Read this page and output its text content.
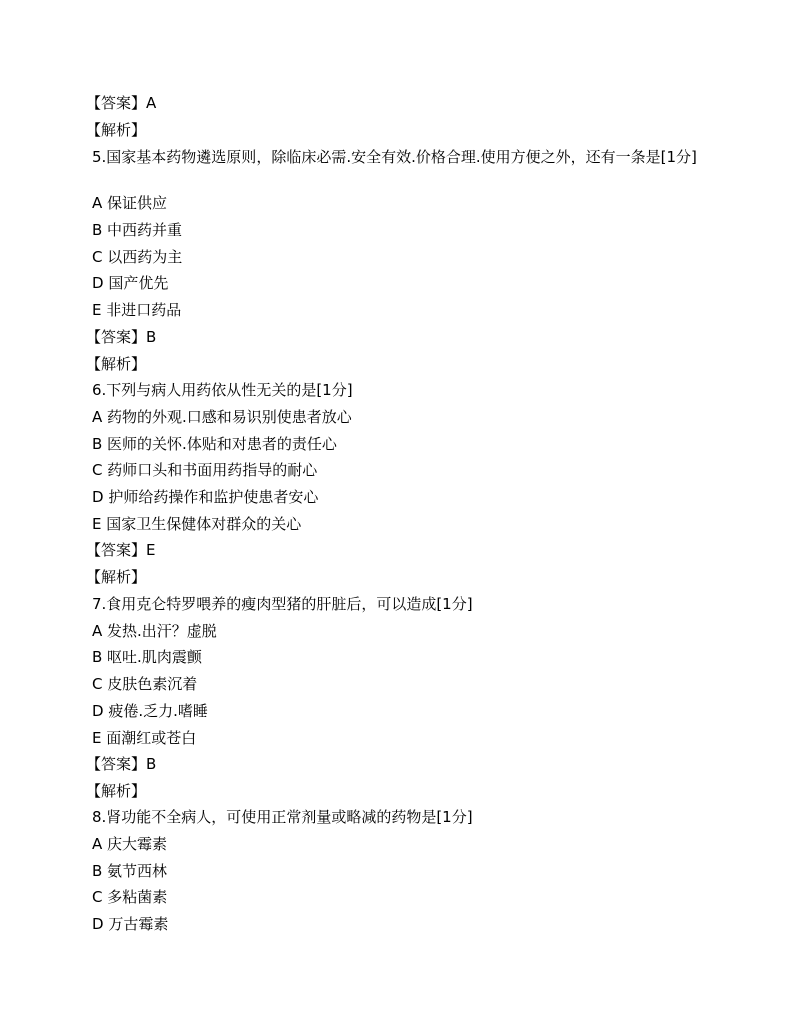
【答案】A
【解析】
5.国家基本药物遴选原则，除临床必需.安全有效.价格合理.使用方便之外，还有一条是[1分]
A 保证供应
B 中西药并重
C 以西药为主
D 国产优先
E 非进口药品
【答案】B
【解析】
6.下列与病人用药依从性无关的是[1分]
A 药物的外观.口感和易识别使患者放心
B 医师的关怀.体贴和对患者的责任心
C 药师口头和书面用药指导的耐心
D 护师给药操作和监护使患者安心
E 国家卫生保健体对群众的关心
【答案】E
【解析】
7.食用克仑特罗喂养的瘦肉型猪的肝脏后，可以造成[1分]
A 发热.出汗？虚脱
B 呕吐.肌肉震颤
C 皮肤色素沉着
D 疲倦.乏力.嗜睡
E 面潮红或苍白
【答案】B
【解析】
8.肾功能不全病人，可使用正常剂量或略减的药物是[1分]
A 庆大霉素
B 氨节西林
C 多粘菌素
D 万古霉素
